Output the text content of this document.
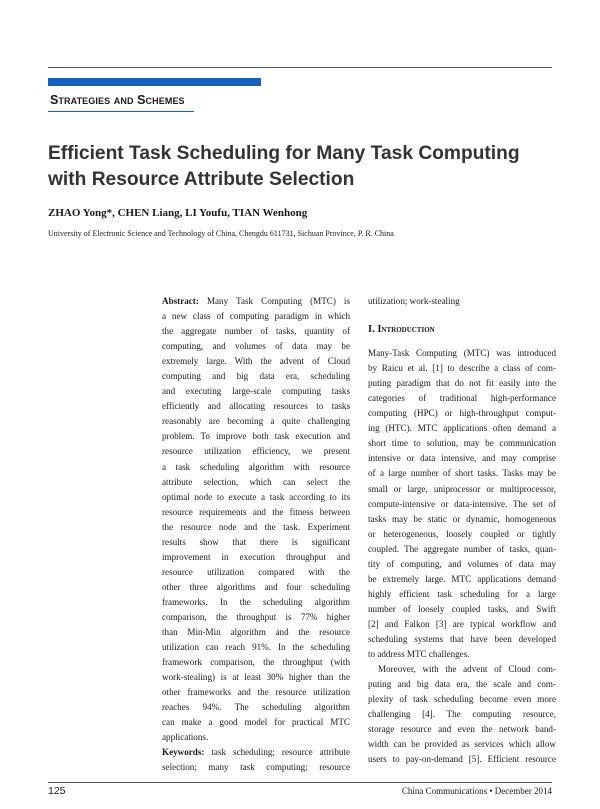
Strategies and Schemes
Efficient Task Scheduling for Many Task Computing
with Resource Attribute Selection
ZHAO Yong*, CHEN Liang, LI Youfu, TIAN Wenhong
University of Electronic Science and Technology of China, Chengdu 611731, Sichuan Province, P. R. China
Abstract: Many Task Computing (MTC) is
a new class of computing paradigm in which
the aggregate number of tasks, quantity of
computing, and volumes of data may be
extremely large. With the advent of Cloud
computing and big data era, scheduling
and executing large-scale computing tasks
efficiently and allocating resources to tasks
reasonably are becoming a quite challenging
problem. To improve both task execution and
resource utilization efficiency, we present
a task scheduling algorithm with resource
attribute selection, which can select the
optimal node to execute a task according to its
resource requirements and the fitness between
the resource node and the task. Experiment
results show that there is significant
improvement in execution throughput and
resource utilization compared with the
other three algorithms and four scheduling
frameworks. In the scheduling algorithm
comparison, the throughput is 77% higher
than Min-Min algorithm and the resource
utilization can reach 91%. In the scheduling
framework comparison, the throughput (with
work-stealing) is at least 30% higher than the
other frameworks and the resource utilization
reaches 94%. The scheduling algorithm
can make a good model for practical MTC
applications.
Keywords: task scheduling; resource attribute
selection; many task computing; resource
utilization; work-stealing
I. Introduction
Many-Task Computing (MTC) was introduced
by Raicu et al. [1] to describe a class of com-
puting paradigm that do not fit easily into the
categories of traditional high-performance
computing (HPC) or high-throughput comput-
ing (HTC). MTC applications often demand a
short time to solution, may be communication
intensive or data intensive, and may comprise
of a large number of short tasks. Tasks may be
small or large, uniprocessor or multiprocessor,
compute-intensive or data-intensive. The set of
tasks may be static or dynamic, homogeneous
or heterogeneous, loosely coupled or tightly
coupled. The aggregate number of tasks, quan-
tity of computing, and volumes of data may
be extremely large. MTC applications demand
highly efficient task scheduling for a large
number of loosely coupled tasks, and Swift
[2] and Falkon [3] are typical workflow and
scheduling systems that have been developed
to address MTC challenges.
Moreover, with the advent of Cloud com-
puting and big data era, the scale and com-
plexity of task scheduling become even more
challenging [4]. The computing resource,
storage resource and even the network band-
width can be provided as services which allow
users to pay-on-demand [5]. Efficient resource
125	China Communications • December 2014
